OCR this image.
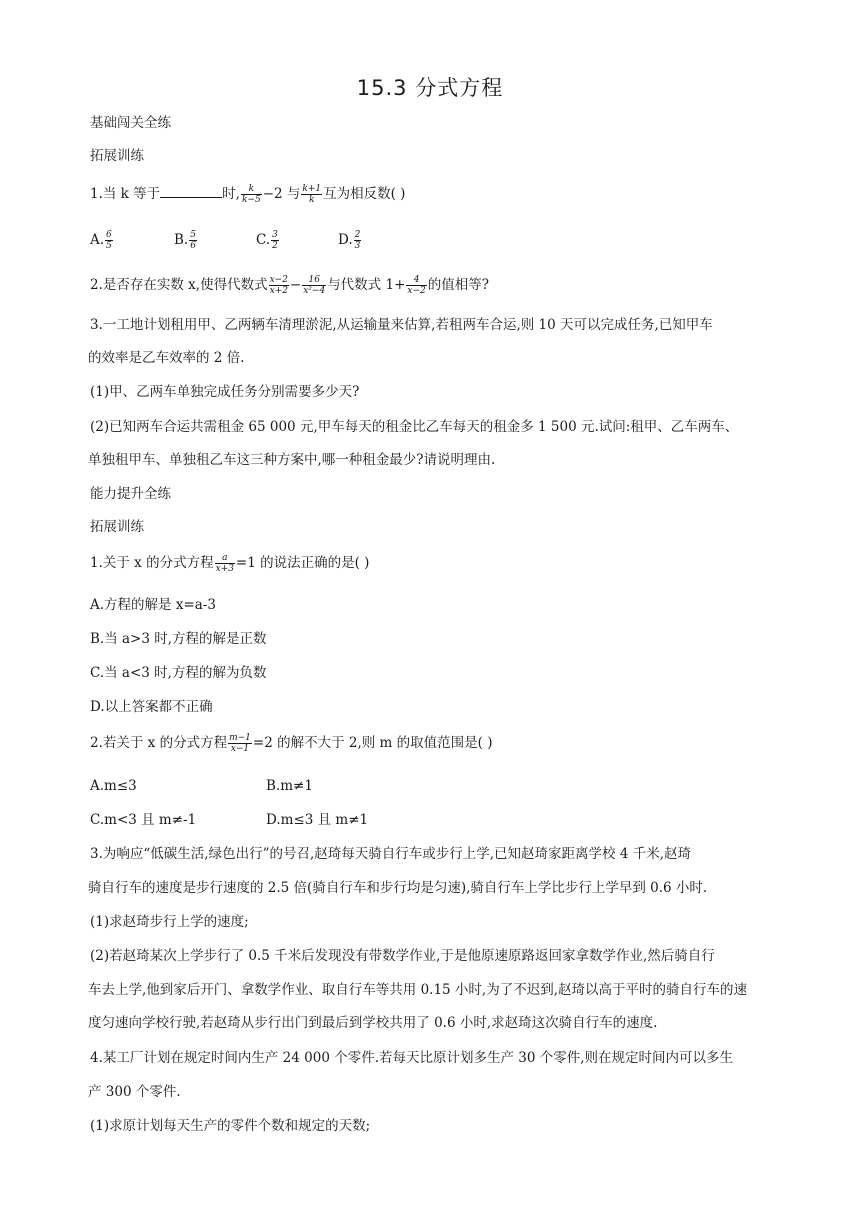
15.3 分式方程
基础闯关全练
拓展训练
1.当 k 等于	时, $\frac{k}{k-5} -2$ 与 $\frac{k+1}{k}$ 互为相反数( )
A. $\frac{6}{5}$	B. $\frac{5}{6}$	C. $\frac{3}{2}$	D. $\frac{2}{3}$
2.是否存在实数 x,使得代数式 $\frac{x-2}{x+2} - \frac{16}{\text{x²−4}}$ 与代数式 $1+ \frac{4}{x-2}$ 的值相等?
3.一工地计划租用甲、乙两辆车清理淤泥,从运输量来估算,若租两车合运,则 10 天可以完成任务,已知甲车
的效率是乙车效率的 2 倍.
(1)甲、乙两车单独完成任务分别需要多少天?
(2)已知两车合运共需租金 65 000 元,甲车每天的租金比乙车每天的租金多 1 500 元.试问:租甲、乙车两车、
单独租甲车、单独租乙车这三种方案中,哪一种租金最少?请说明理由.
能力提升全练
拓展训练
1.关于 x 的分式方程 $\frac{a}{x+3} =1$ 的说法正确的是( )
A.方程的解是 x=a-3
B.当 a>3 时,方程的解是正数
C.当 a<3 时,方程的解为负数
D.以上答案都不正确
2.若关于 x 的分式方程 $\frac{m-1}{x-1} =2$ 的解不大于 2,则 m 的取值范围是( )
A.m≤3	B.m≠1
C.m<3 且 m≠-1	D.m≤3 且 m≠1
3.为响应“低碳生活,绿色出行”的号召,赵琦每天骑自行车或步行上学,已知赵琦家距离学校 4 千米,赵琦
骑自行车的速度是步行速度的 2.5 倍(骑自行车和步行均是匀速),骑自行车上学比步行上学早到 0.6 小时.
(1)求赵琦步行上学的速度;
(2)若赵琦某次上学步行了 0.5 千米后发现没有带数学作业,于是他原速原路返回家拿数学作业,然后骑自行
车去上学,他到家后开门、拿数学作业、取自行车等共用 0.15 小时,为了不迟到,赵琦以高于平时的骑自行车的速
度匀速向学校行驶,若赵琦从步行出门到最后到学校共用了 0.6 小时,求赵琦这次骑自行车的速度.
4.某工厂计划在规定时间内生产 24 000 个零件.若每天比原计划多生产 30 个零件,则在规定时间内可以多生
产 300 个零件.
(1)求原计划每天生产的零件个数和规定的天数;
